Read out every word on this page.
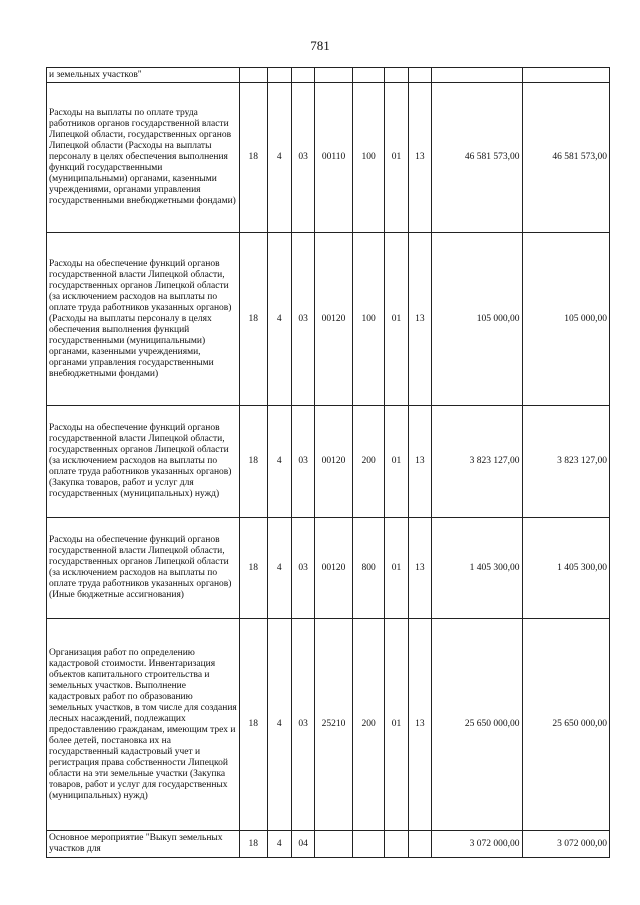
781
и земельных участков"									
Расходы на выплаты по оплате труда работников органов государственной власти Липецкой области, государственных органов Липецкой области (Расходы на выплаты персоналу в целях обеспечения выполнения функций государственными (муниципальными) органами, казенными учреждениями, органами управления государственными внебюджетными фондами)	18	4	03	00110	100	01	13	46 581 573,00	46 581 573,00
Расходы на обеспечение функций органов государственной власти Липецкой области, государственных органов Липецкой области (за исключением расходов на выплаты по оплате труда работников указанных органов) (Расходы на выплаты персоналу в целях обеспечения выполнения функций государственными (муниципальными) органами, казенными учреждениями, органами управления государственными внебюджетными фондами)	18	4	03	00120	100	01	13	105 000,00	105 000,00
Расходы на обеспечение функций органов государственной власти Липецкой области, государственных органов Липецкой области (за исключением расходов на выплаты по оплате труда работников указанных органов) (Закупка товаров, работ и услуг для государственных (муниципальных) нужд)	18	4	03	00120	200	01	13	3 823 127,00	3 823 127,00
Расходы на обеспечение функций органов государственной власти Липецкой области, государственных органов Липецкой области (за исключением расходов на выплаты по оплате труда работников указанных органов) (Иные бюджетные ассигнования)	18	4	03	00120	800	01	13	1 405 300,00	1 405 300,00
Организация работ по определению кадастровой стоимости. Инвентаризация объектов капитального строительства и земельных участков. Выполнение кадастровых работ по образованию земельных участков, в том числе для создания лесных насаждений, подлежащих предоставлению гражданам, имеющим трех и более детей, постановка их на государственный кадастровый учет и регистрация права собственности Липецкой области на эти земельные участки (Закупка товаров, работ и услуг для государственных (муниципальных) нужд)	18	4	03	25210	200	01	13	25 650 000,00	25 650 000,00
Основное мероприятие "Выкуп земельных участков для	18	4	04					3 072 000,00	3 072 000,00
